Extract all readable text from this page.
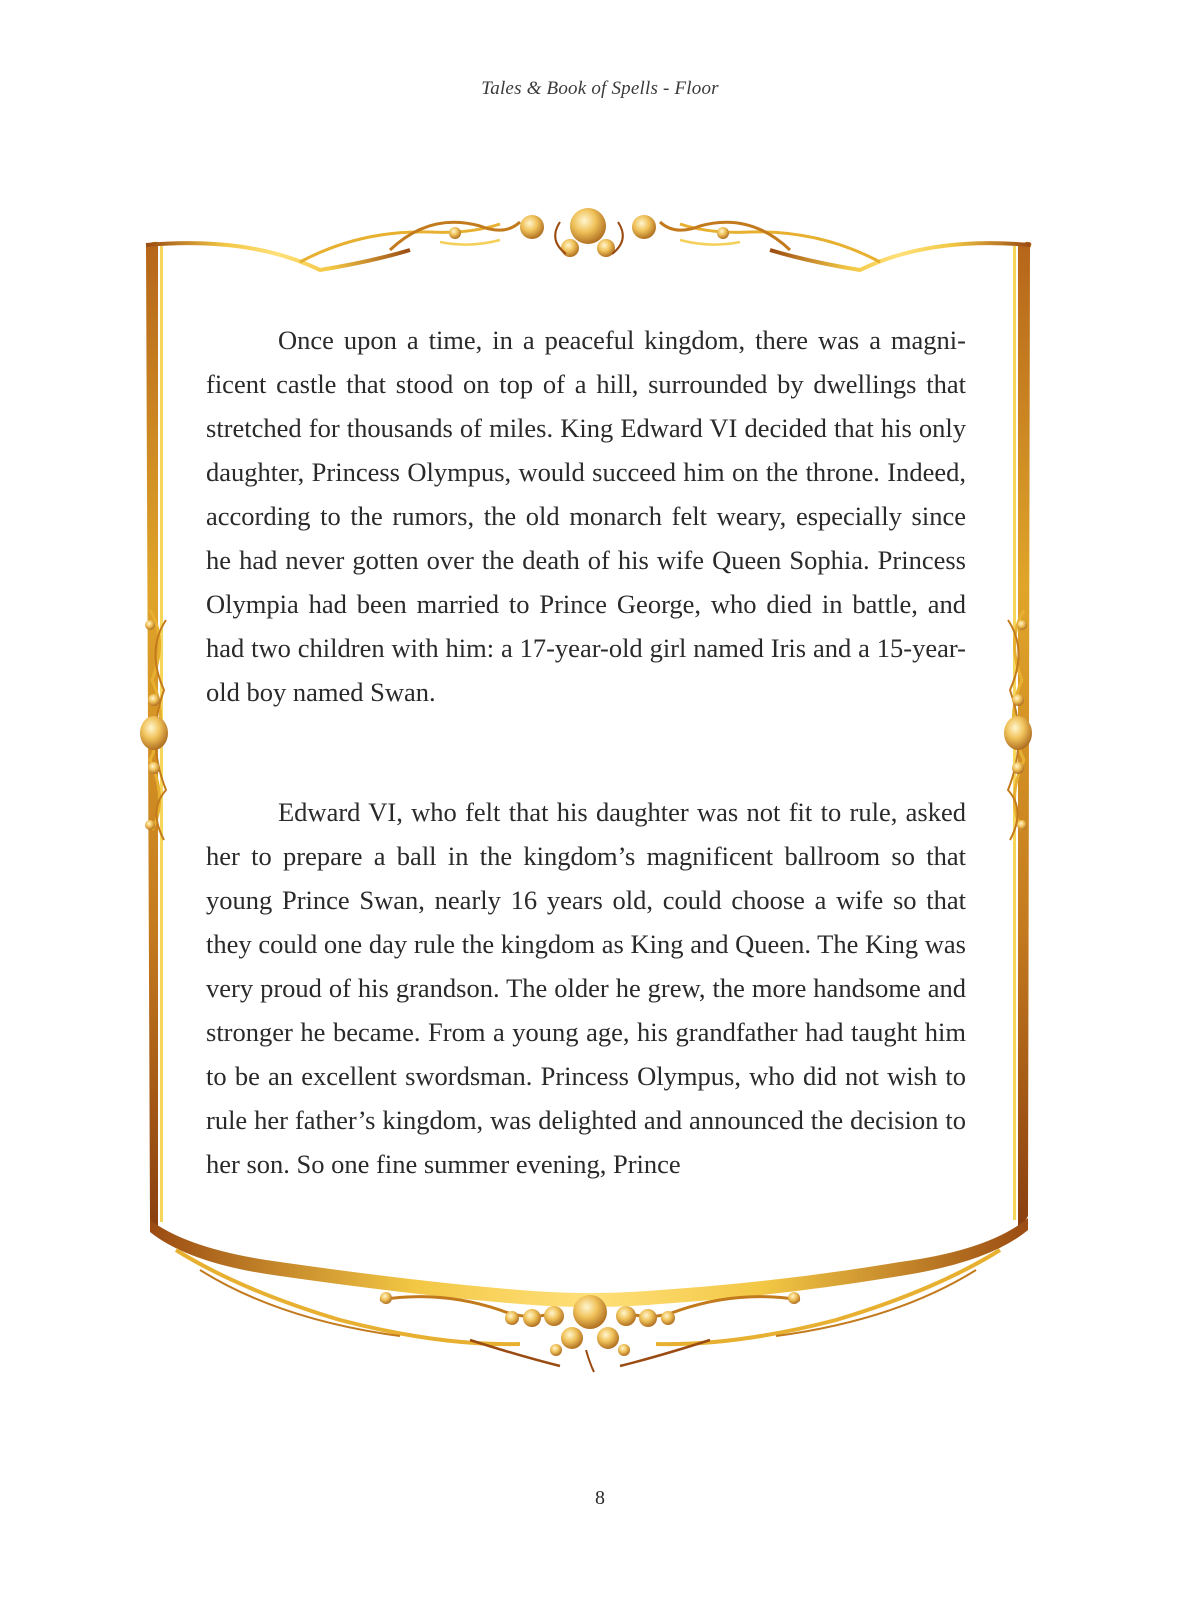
Tales & Book of Spells - Floor

Once upon a time, in a peaceful kingdom, there was a magnificent castle that stood on top of a hill, surrounded by dwellings that stretched for thousands of miles. King Edward VI decided that his only daughter, Princess Olympus, would succeed him on the throne. Indeed, according to the rumors, the old monarch felt weary, especially since he had never gotten over the death of his wife Queen Sophia. Princess Olympia had been married to Prince George, who died in battle, and had two children with him: a 17-year-old girl named Iris and a 15-year-old boy named Swan.

Edward VI, who felt that his daughter was not fit to rule, asked her to prepare a ball in the kingdom’s magnificent ballroom so that young Prince Swan, nearly 16 years old, could choose a wife so that they could one day rule the kingdom as King and Queen. The King was very proud of his grandson. The older he grew, the more handsome and stronger he became. From a young age, his grandfather had taught him to be an excellent swordsman. Princess Olympus, who did not wish to rule her father’s kingdom, was delighted and announced the decision to her son. So one fine summer evening, Prince

8
